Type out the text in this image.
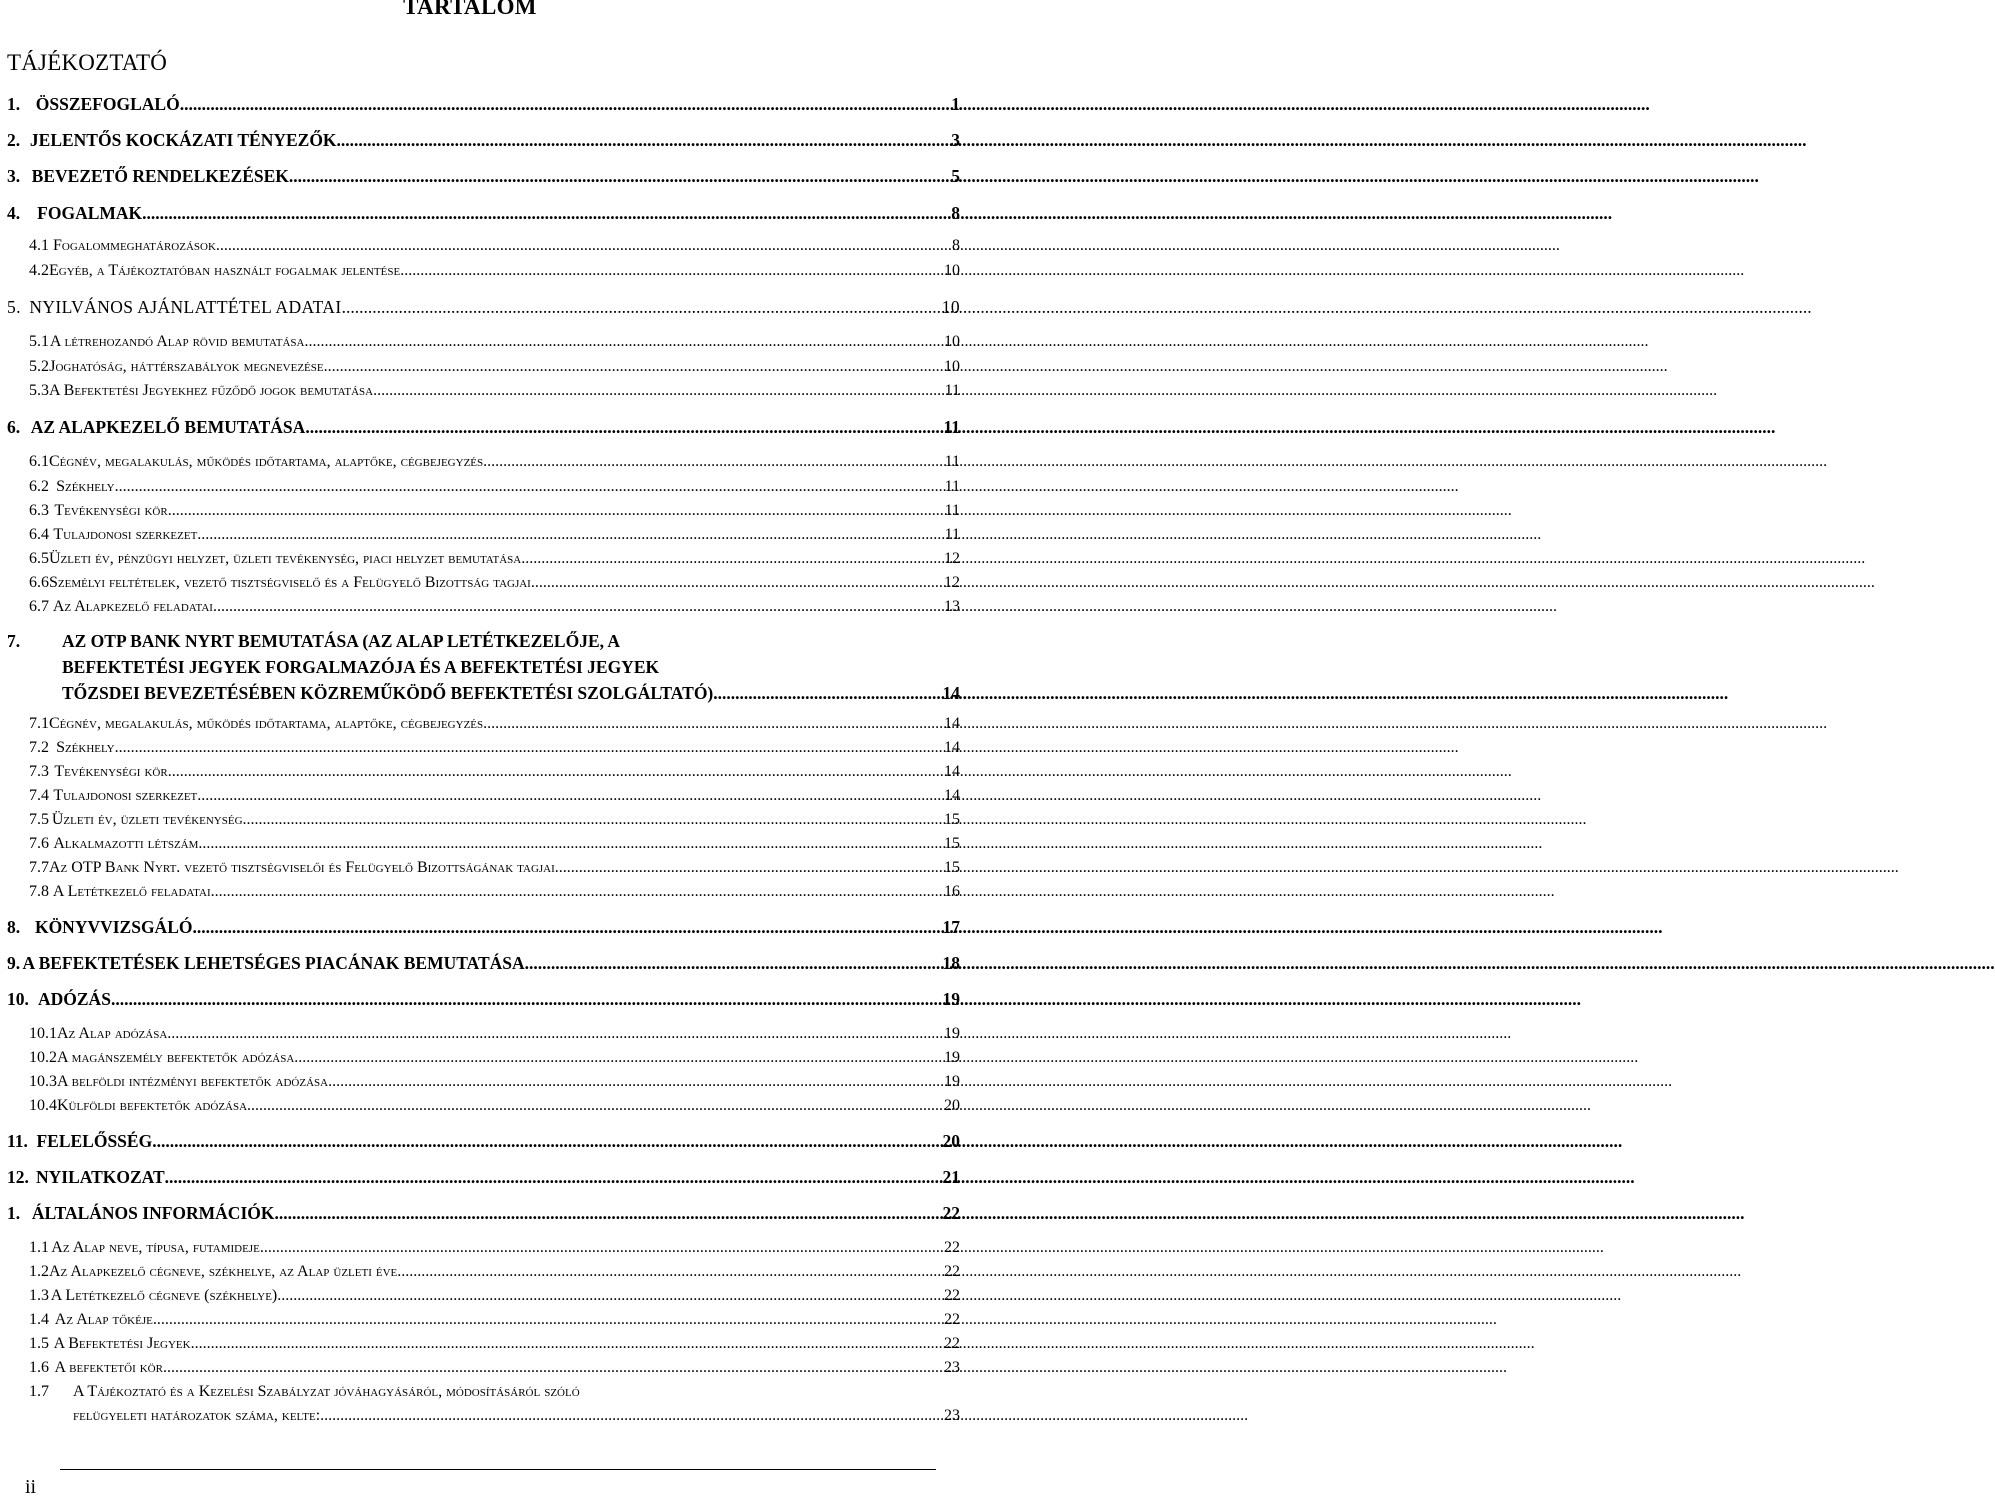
TARTALOM
TÁJÉKOZTATÓ
1. ÖSSZEFOGLALÓ .....	1
2. JELENTŐS KOCKÁZATI TÉNYEZŐK .....	3
3. BEVEZETŐ RENDELKEZÉSEK .....	5
4. FOGALMAK .....	8
4.1 Fogalommeghatározások .....	8
4.2 Egyéb, a Tájékoztatóban használt fogalmak jelentése .....	10
5. NYILVÁNOS AJÁNLATTÉTEL ADATAI .....	10
5.1 A létrehozandó Alap rövid bemutatása .....	10
5.2 Joghatóság, háttérszabályok megnevezése .....	10
5.3 A Befektetési Jegyekhez fűződő jogok bemutatása .....	11
6. AZ ALAPKEZELŐ BEMUTATÁSA .....	11
6.1 Cégnév, megalakulás, működés időtartama, alaptőke, cégbejegyzés .....	11
6.2 Székhely .....	11
6.3 Tevékenységi kör .....	11
6.4 Tulajdonosi szerkezet .....	11
6.5 Üzleti év, pénzügyi helyzet, üzleti tevékenység, piaci helyzet bemutatása .....	12
6.6 Személyi feltételek, vezető tisztségviselő és a Felügyelő Bizottság tagjai .....	12
6.7 Az Alapkezelő feladatai .....	13
7.	AZ OTP BANK NYRT BEMUTATÁSA (AZ ALAP LETÉTKEZELŐJE, A
BEFEKTETÉSI JEGYEK FORGALMAZÓJA ÉS A BEFEKTETÉSI JEGYEK
TŐZSDEI BEVEZETÉSÉBEN KÖZREMŰKÖDŐ BEFEKTETÉSI SZOLGÁLTATÓ) .....	14
7.1 Cégnév, megalakulás, működés időtartama, alaptőke, cégbejegyzés .....	14
7.2 Székhely .....	14
7.3 Tevékenységi kör .....	14
7.4 Tulajdonosi szerkezet .....	14
7.5 Üzleti év, üzleti tevékenység .....	15
7.6 Alkalmazotti létszám .....	15
7.7 Az OTP Bank Nyrt. vezető tisztségviselői és Felügyelő Bizottságának tagjai .....	15
7.8 A Letétkezelő feladatai .....	16
8. KÖNYVVIZSGÁLÓ .....	17
9. A BEFEKTETÉSEK LEHETSÉGES PIACÁNAK BEMUTATÁSA .....	18
10. ADÓZÁS .....	19
10.1 Az Alap adózása .....	19
10.2 A magánszemély befektetők adózása .....	19
10.3 A belföldi intézményi befektetők adózása .....	19
10.4 Külföldi befektetők adózása .....	20
11. FELELŐSSÉG .....	20
12. NYILATKOZAT .....	21
1. ÁLTALÁNOS INFORMÁCIÓK .....	22
1.1 Az Alap neve, típusa, futamideje .....	22
1.2 Az Alapkezelő cégneve, székhelye, az Alap üzleti éve .....	22
1.3 A Letétkezelő cégneve (székhelye) .....	22
1.4 Az Alap tőkéje .....	22
1.5 A Befektetési Jegyek .....	22
1.6 A befektetői kör .....	23
1.7 A Tájékoztató és a Kezelési Szabályzat jóváhagyásáról, módosításáról szóló
felügyeleti határozatok száma, kelte: .....	23
ii
